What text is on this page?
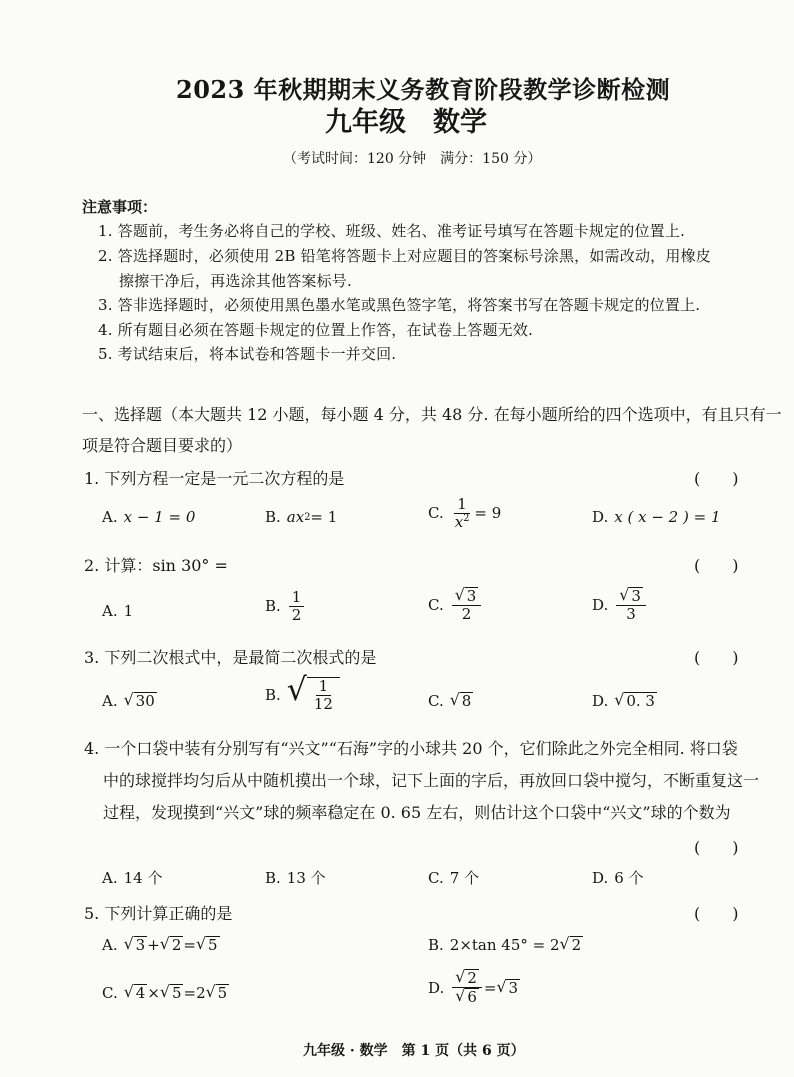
2023 年秋期期末义务教育阶段教学诊断检测
九年级　数学
（考试时间：120 分钟　满分：150 分）
注意事项：
1. 答题前，考生务必将自己的学校、班级、姓名、准考证号填写在答题卡规定的位置上.
2. 答选择题时，必须使用 2B 铅笔将答题卡上对应题目的答案标号涂黑，如需改动，用橡皮
擦擦干净后，再选涂其他答案标号.
3. 答非选择题时，必须使用黑色墨水笔或黑色签字笔，将答案书写在答题卡规定的位置上.
4. 所有题目必须在答题卡规定的位置上作答，在试卷上答题无效.
5. 考试结束后，将本试卷和答题卡一并交回.
一、选择题（本大题共 12 小题，每小题 4 分，共 48 分. 在每小题所给的四个选项中，有且只有一
项是符合题目要求的）
1. 下列方程一定是一元二次方程的是	(　　)
A. x − 1 = 0	B. ax 2 = 1	C. $\frac{1}{x^2} = 9$	D. x ( x − 2 ) = 1
2. 计算：sin 30° =	(　　)
A. 1	B. $\frac{1}{2}$	C. $\frac{√ 3}{2}$	D. $\frac{√ 3}{3}$
3. 下列二次根式中，是最简二次根式的是	(　　)
A. √ 30	B. √ $\frac{1}{12}$	C. √ 8	D. √ 0. 3
4. 一个口袋中装有分别写有“兴文”“石海”字的小球共 20 个，它们除此之外完全相同. 将口袋
中的球搅拌均匀后从中随机摸出一个球，记下上面的字后，再放回口袋中搅匀，不断重复这一
过程，发现摸到“兴文”球的频率稳定在 0. 65 左右，则估计这个口袋中“兴文”球的个数为
(　　)
A. 14 个	B. 13 个	C. 7 个	D. 6 个
5. 下列计算正确的是	(　　)
A. √ 3 + √ 2 = √ 5	B. 2×tan 45° = 2 √ 2
C. √ 4 × √ 5 = 2 √ 5	D. $\frac{√ 2}{√ 6}$ = √ 3
九年级 · 数学　第 1 页（共 6 页）
